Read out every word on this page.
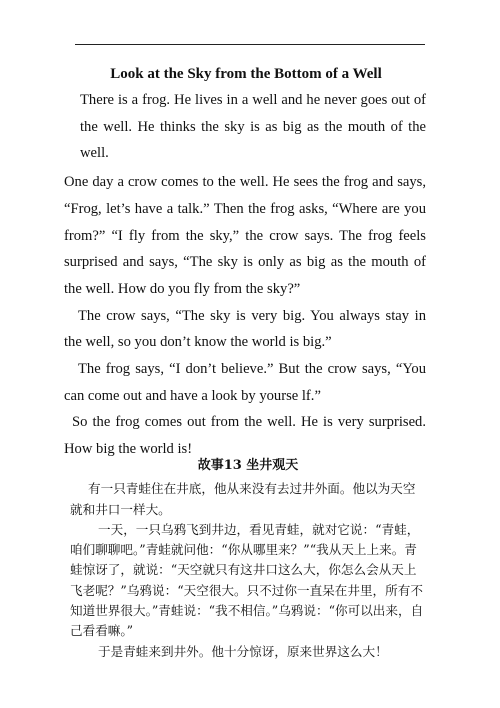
Look at the Sky from the Bottom of a Well

There is a frog. He lives in a well and he never goes out of the well. He thinks the sky is as big as the mouth of the well.

One day a crow comes to the well. He sees the frog and says, “Frog, let’s have a talk.” Then the frog asks, “Where are you from?” “I fly from the sky,” the crow says. The frog feels surprised and says, “The sky is only as big as the mouth of the well. How do you fly from the sky?”

The crow says, “The sky is very big. You always stay in the well, so you don’t know the world is big.”

The frog says, “I don’t believe.” But the crow says, “You can come out and have a look by yourse lf.”

So the frog comes out from the well. He is very surprised. How big the world is!

故事13 坐井观天

有一只青蛙住在井底，他从来没有去过井外面。他以为天空就和井口一样大。

一天，一只乌鸦飞到井边，看见青蛙，就对它说：“青蛙，咱们聊聊吧。”青蛙就问他：“你从哪里来？”“我从天上上来。青蛙惊讶了，就说：“天空就只有这井口这么大，你怎么会从天上飞老呢？”乌鸦说：“天空很大。只不过你一直呆在井里，所有不知道世界很大。”青蛙说：“我不相信。”乌鸦说：“你可以出来，自己看看嘛。”

于是青蛙来到井外。他十分惊讶，原来世界这么大！
